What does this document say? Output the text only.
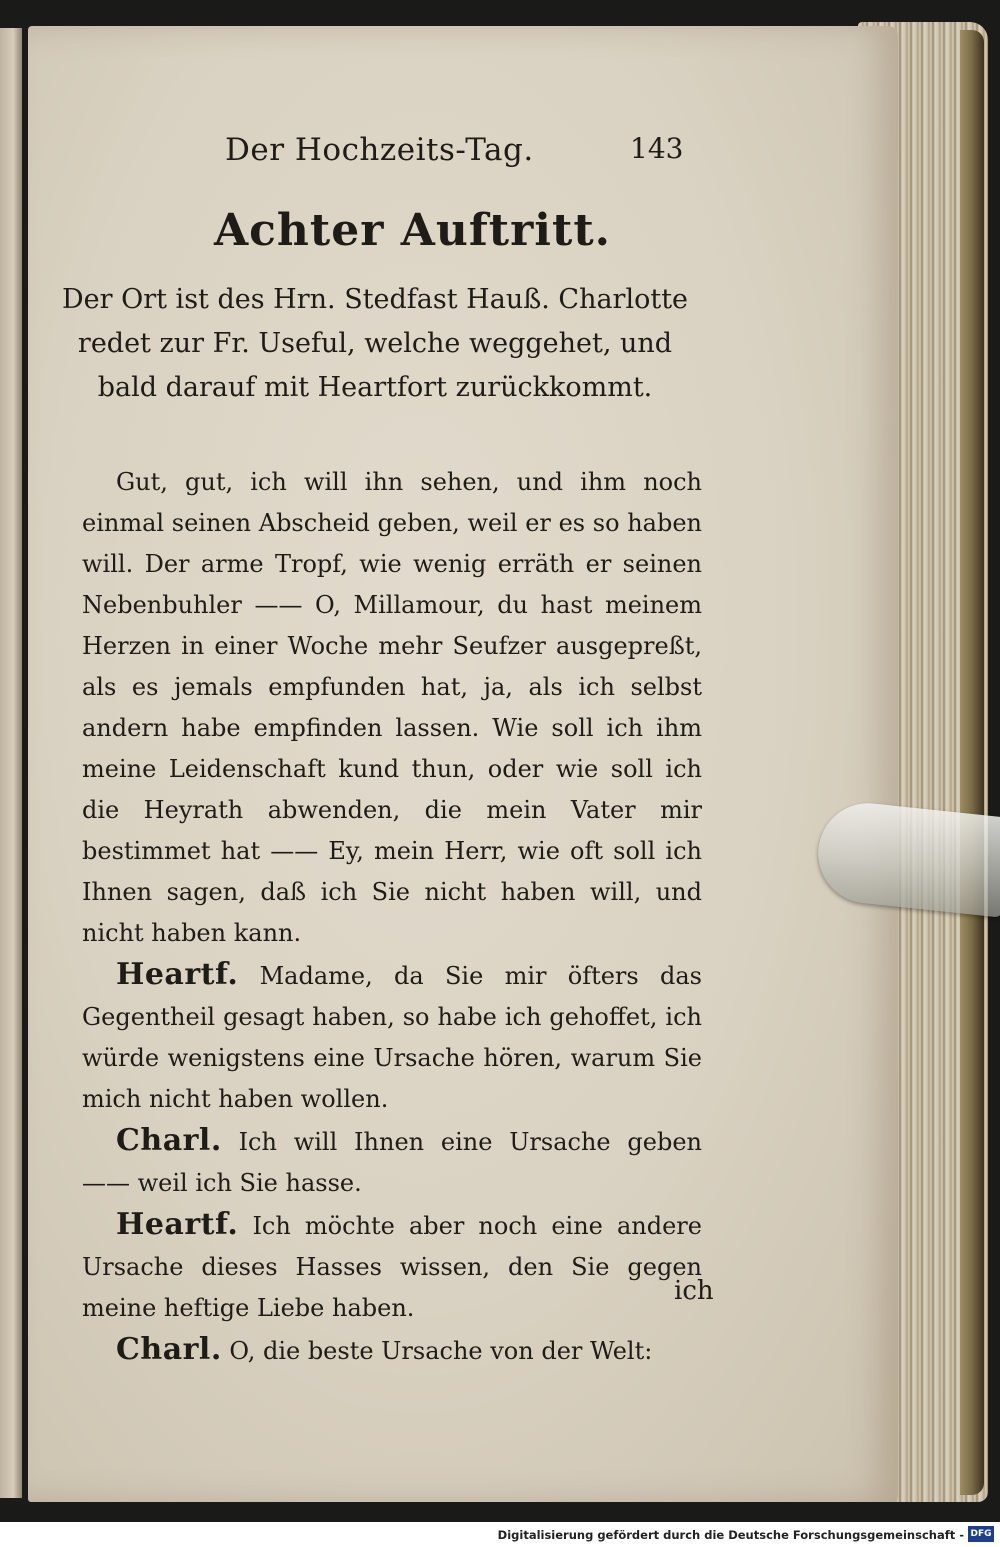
Der Hochzeits-Tag.	143
Achter Auftritt.
Der Ort ist des Hrn. Stedfast Hauß. Charlotte redet zur Fr. Useful, welche weggehet, und bald darauf mit Heartfort zurückkommt.

Gut, gut, ich will ihn sehen, und ihm noch einmal seinen Abscheid geben, weil er es so haben will. Der arme Tropf, wie wenig erräth er seinen Nebenbuhler —— O, Millamour, du hast meinem Herzen in einer Woche mehr Seufzer ausgepreßt, als es jemals empfunden hat, ja, als ich selbst andern habe empfinden lassen. Wie soll ich ihm meine Leidenschaft kund thun, oder wie soll ich die Heyrath abwenden, die mein Vater mir bestimmet hat —— Ey, mein Herr, wie oft soll ich Ihnen sagen, daß ich Sie nicht haben will, und nicht haben kann.

Heartf. Madame, da Sie mir öfters das Gegentheil gesagt haben, so habe ich gehoffet, ich würde wenigstens eine Ursache hören, warum Sie mich nicht haben wollen.

Charl. Ich will Ihnen eine Ursache geben —— weil ich Sie hasse.

Heartf. Ich möchte aber noch eine andere Ursache dieses Hasses wissen, den Sie gegen meine heftige Liebe haben.

Charl. O, die beste Ursache von der Welt:

ich
Digitalisierung gefördert durch die Deutsche Forschungsgemeinschaft - DFG
